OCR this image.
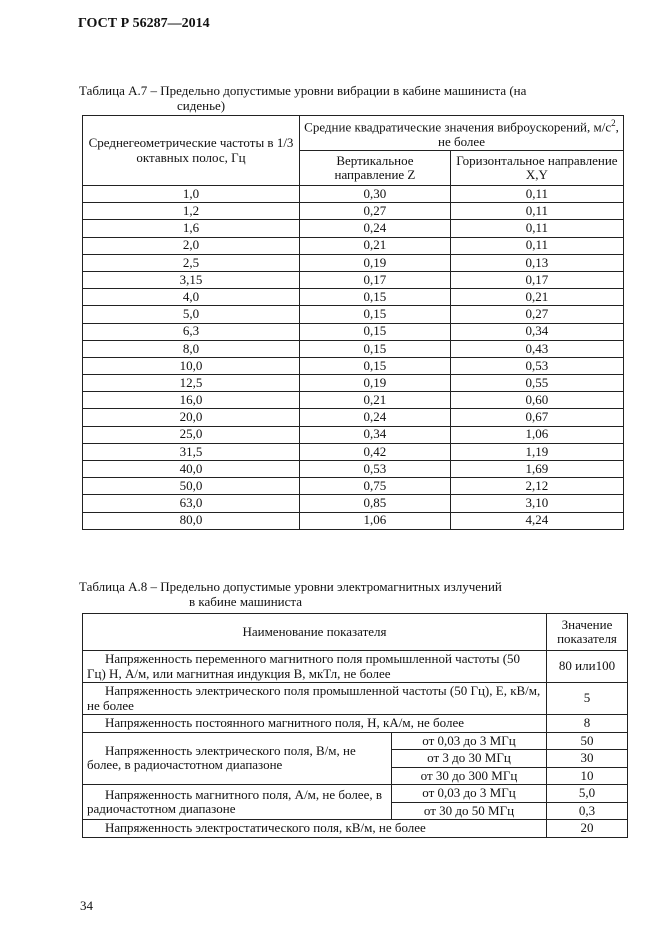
ГОСТ Р 56287—2014
Таблица А.7 – Предельно допустимые уровни вибрации в кабине машиниста (на
сиденье)
Среднегеометрические частоты в 1/3 октавных полос, Гц	Средние квадратические значения виброускорений, $м/с^2$, не более	
	Вертикальное направление Z	Горизонтальное направление X,Y
1,0	0,30	0,11
1,2	0,27	0,11
1,6	0,24	0,11
2,0	0,21	0,11
2,5	0,19	0,13
3,15	0,17	0,17
4,0	0,15	0,21
5,0	0,15	0,27
6,3	0,15	0,34
8,0	0,15	0,43
10,0	0,15	0,53
12,5	0,19	0,55
16,0	0,21	0,60
20,0	0,24	0,67
25,0	0,34	1,06
31,5	0,42	1,19
40,0	0,53	1,69
50,0	0,75	2,12
63,0	0,85	3,10
80,0	1,06	4,24
Таблица А.8 – Предельно допустимые уровни электромагнитных излучений
в кабине машиниста
Наименование показателя		Значение показателя
Напряженность переменного магнитного поля промышленной частоты (50 Гц) Н, А/м, или магнитная индукция В, мкТл, не более		80 или100
Напряженность электрического поля промышленной частоты (50 Гц), Е, кВ/м, не более		5
Напряженность постоянного магнитного поля, Н, кА/м, не более		8
Напряженность электрического поля, В/м, не более, в радиочастотном диапазоне	от 0,03 до 3 МГц	50
	от 3 до 30 МГц	30
	от 30 до 300 МГц	10
Напряженность магнитного поля, А/м, не более, в радиочастотном диапазоне	от 0,03 до 3 МГц	5,0
	от 30 до 50 МГц	0,3
Напряженность электростатического поля, кВ/м, не более		20
34
